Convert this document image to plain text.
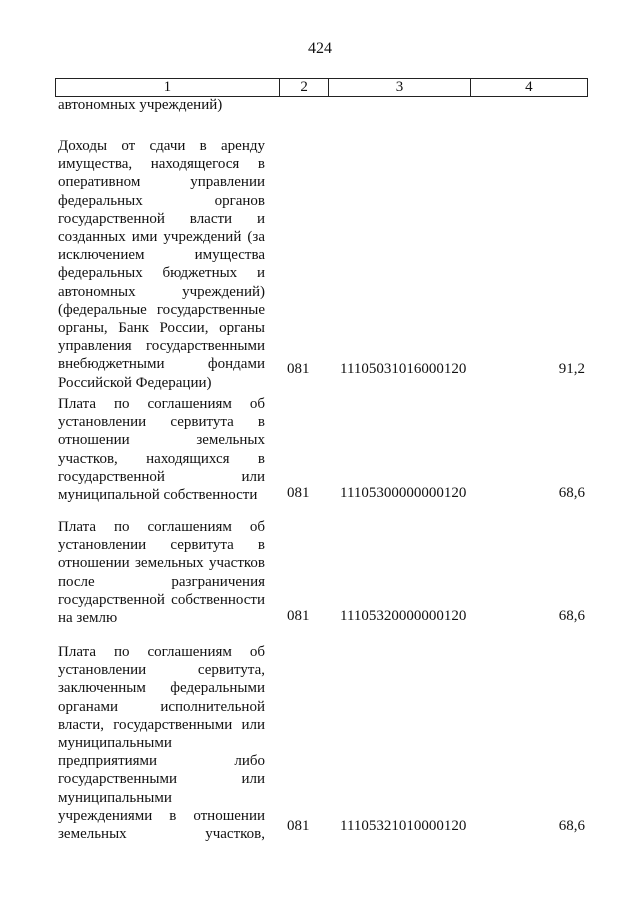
424
1	2	3	4
автономных учреждений)
Доходы от сдачи в аренду
имущества, находящегося в
оперативном управлении
федеральных органов
государственной власти и
созданных ими учреждений (за
исключением имущества
федеральных бюджетных и
автономных учреждений)
(федеральные государственные
органы, Банк России, органы
управления государственными
внебюджетными фондами
Российской Федерации)
081 11105031016000120	91,2
Плата по соглашениям об
установлении сервитута в
отношении земельных
участков, находящихся в
государственной или
муниципальной собственности	081 11105300000000120	68,6
Плата по соглашениям об
установлении сервитута в
отношении земельных участков
после разграничения
государственной собственности
на землю	081 11105320000000120	68,6
Плата по соглашениям об
установлении сервитута,
заключенным федеральными
органами исполнительной
власти, государственными или
муниципальными
предприятиями либо
государственными или
муниципальными
учреждениями в отношении
земельных участков,
081 11105321010000120	68,6
